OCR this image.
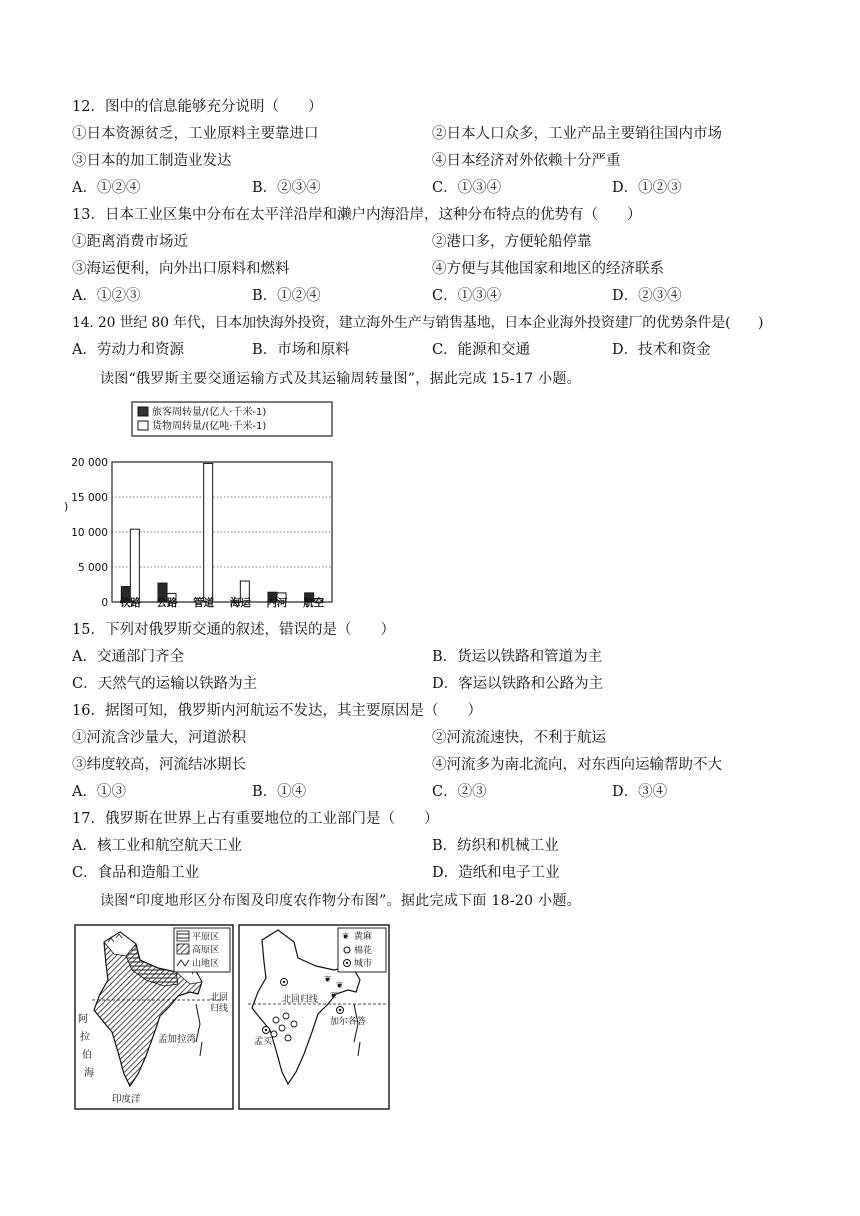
12．图中的信息能够充分说明（　　）
①日本资源贫乏，工业原料主要靠进口	②日本人口众多，工业产品主要销往国内市场
③日本的加工制造业发达	④日本经济对外依赖十分严重
A．①②④	B．②③④	C．①③④	D．①②③
13．日本工业区集中分布在太平洋沿岸和濑户内海沿岸，这种分布特点的优势有（　　）
①距离消费市场近	②港口多，方便轮船停靠
③海运便利，向外出口原料和燃料	④方便与其他国家和地区的经济联系
A．①②③	B．①②④	C．①③④	D．②③④
14. 20 世纪 80 年代，日本加快海外投资，建立海外生产与销售基地，日本企业海外投资建厂的优势条件是(　　)
A．劳动力和资源	B．市场和原料	C．能源和交通	D．技术和资金
读图“俄罗斯主要交通运输方式及其运输周转量图”，据此完成 15-17 小题。
旅客周转量/(亿人·千米-1)
货物周转量/(亿吨·千米-1)
20 000
15 000
10 000
5 000
0 铁路 公路 管道 海运 内河 航空
)
15．下列对俄罗斯交通的叙述，错误的是（　　）
A．交通部门齐全	B．货运以铁路和管道为主
C．天然气的运输以铁路为主	D．客运以铁路和公路为主
16．据图可知，俄罗斯内河航运不发达，其主要原因是（　　）
①河流含沙量大，河道淤积	②河流流速快，不利于航运
③纬度较高，河流结冰期长	④河流多为南北流向，对东西向运输帮助不大
A．①③	B．①④	C．②③	D．③④
17．俄罗斯在世界上占有重要地位的工业部门是（　　）
A．核工业和航空航天工业	B．纺织和机械工业
C．食品和造船工业	D．造纸和电子工业
读图“印度地形区分布图及印度农作物分布图”。据此完成下面 18-20 小题。
平原区
高原区
山地区
北回
归线
阿
拉
伯
海
孟加拉湾
印度洋
❦
❦
❦
❦ 黄麻
棉花
城市
北回归线
孟买
加尔各答
